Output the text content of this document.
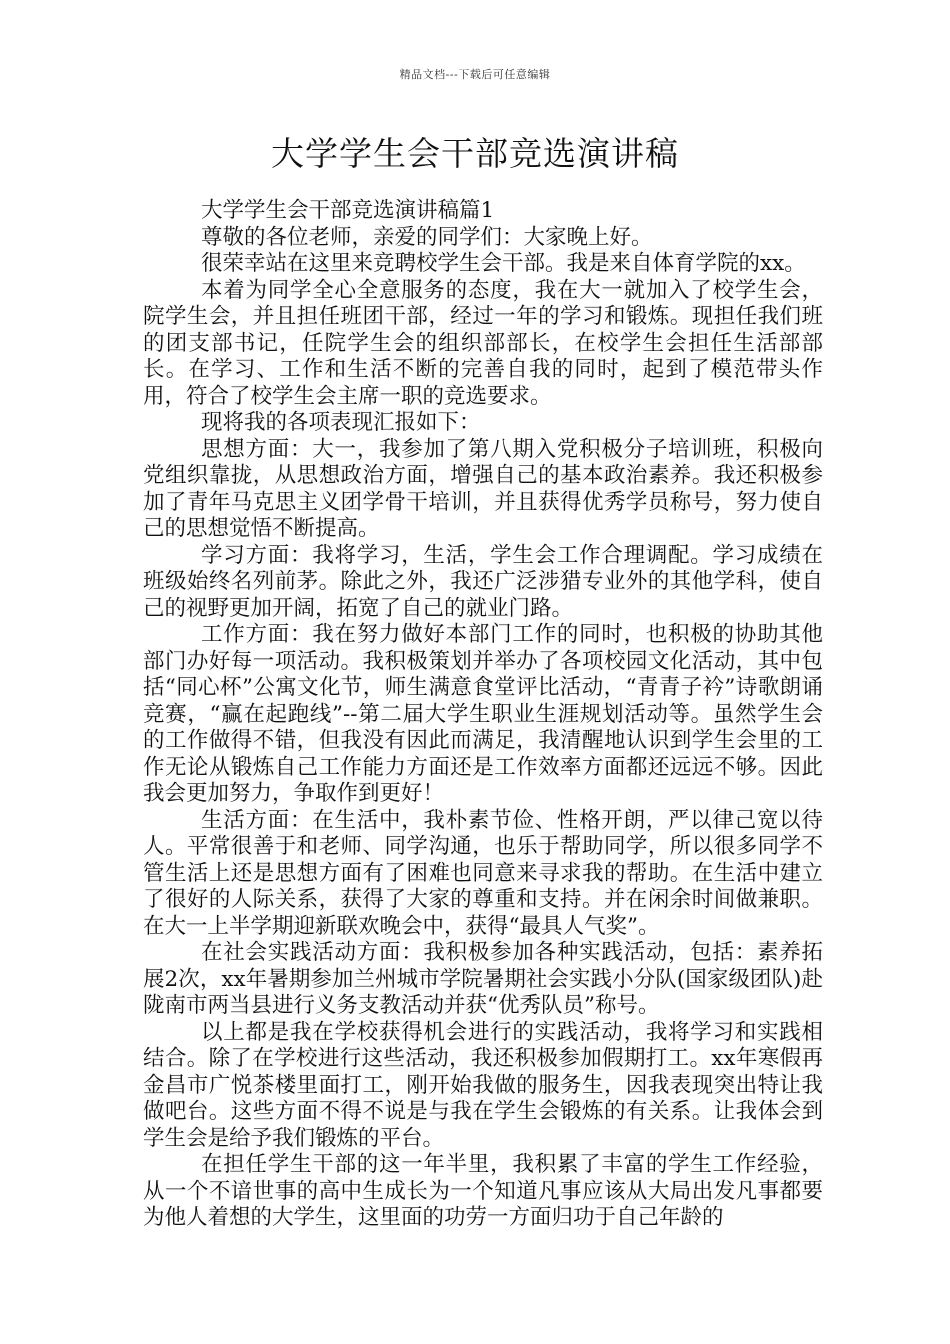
精品文档---下载后可任意编辑
大学学生会干部竞选演讲稿

大学学生会干部竞选演讲稿篇1

尊敬的各位老师，亲爱的同学们：大家晚上好。

很荣幸站在这里来竞聘校学生会干部。我是来自体育学院的xx。

本着为同学全心全意服务的态度，我在大一就加入了校学生会，院学生会，并且担任班团干部，经过一年的学习和锻炼。现担任我们班的团支部书记，任院学生会的组织部部长，在校学生会担任生活部部长。在学习、工作和生活不断的完善自我的同时，起到了模范带头作用，符合了校学生会主席一职的竞选要求。

现将我的各项表现汇报如下：

思想方面：大一，我参加了第八期入党积极分子培训班，积极向党组织靠拢，从思想政治方面，增强自己的基本政治素养。我还积极参加了青年马克思主义团学骨干培训，并且获得优秀学员称号，努力使自己的思想觉悟不断提高。

学习方面：我将学习，生活，学生会工作合理调配。学习成绩在班级始终名列前茅。除此之外，我还广泛涉猎专业外的其他学科，使自己的视野更加开阔，拓宽了自己的就业门路。

工作方面：我在努力做好本部门工作的同时，也积极的协助其他部门办好每一项活动。我积极策划并举办了各项校园文化活动，其中包括“同心杯”公寓文化节，师生满意食堂评比活动，“青青子衿”诗歌朗诵竞赛，“赢在起跑线”--第二届大学生职业生涯规划活动等。虽然学生会的工作做得不错，但我没有因此而满足，我清醒地认识到学生会里的工作无论从锻炼自己工作能力方面还是工作效率方面都还远远不够。因此我会更加努力，争取作到更好！

生活方面：在生活中，我朴素节俭、性格开朗，严以律己宽以待人。平常很善于和老师、同学沟通，也乐于帮助同学，所以很多同学不管生活上还是思想方面有了困难也同意来寻求我的帮助。在生活中建立了很好的人际关系，获得了大家的尊重和支持。并在闲余时间做兼职。在大一上半学期迎新联欢晚会中，获得“最具人气奖”。

在社会实践活动方面：我积极参加各种实践活动，包括：素养拓展2次，xx年暑期参加兰州城市学院暑期社会实践小分队(国家级团队)赴陇南市两当县进行义务支教活动并获“优秀队员”称号。

以上都是我在学校获得机会进行的实践活动，我将学习和实践相结合。除了在学校进行这些活动，我还积极参加假期打工。xx年寒假再金昌市广悦茶楼里面打工，刚开始我做的服务生，因我表现突出特让我做吧台。这些方面不得不说是与我在学生会锻炼的有关系。让我体会到学生会是给予我们锻炼的平台。

在担任学生干部的这一年半里，我积累了丰富的学生工作经验，从一个不谙世事的高中生成长为一个知道凡事应该从大局出发凡事都要为他人着想的大学生，这里面的功劳一方面归功于自己年龄的
